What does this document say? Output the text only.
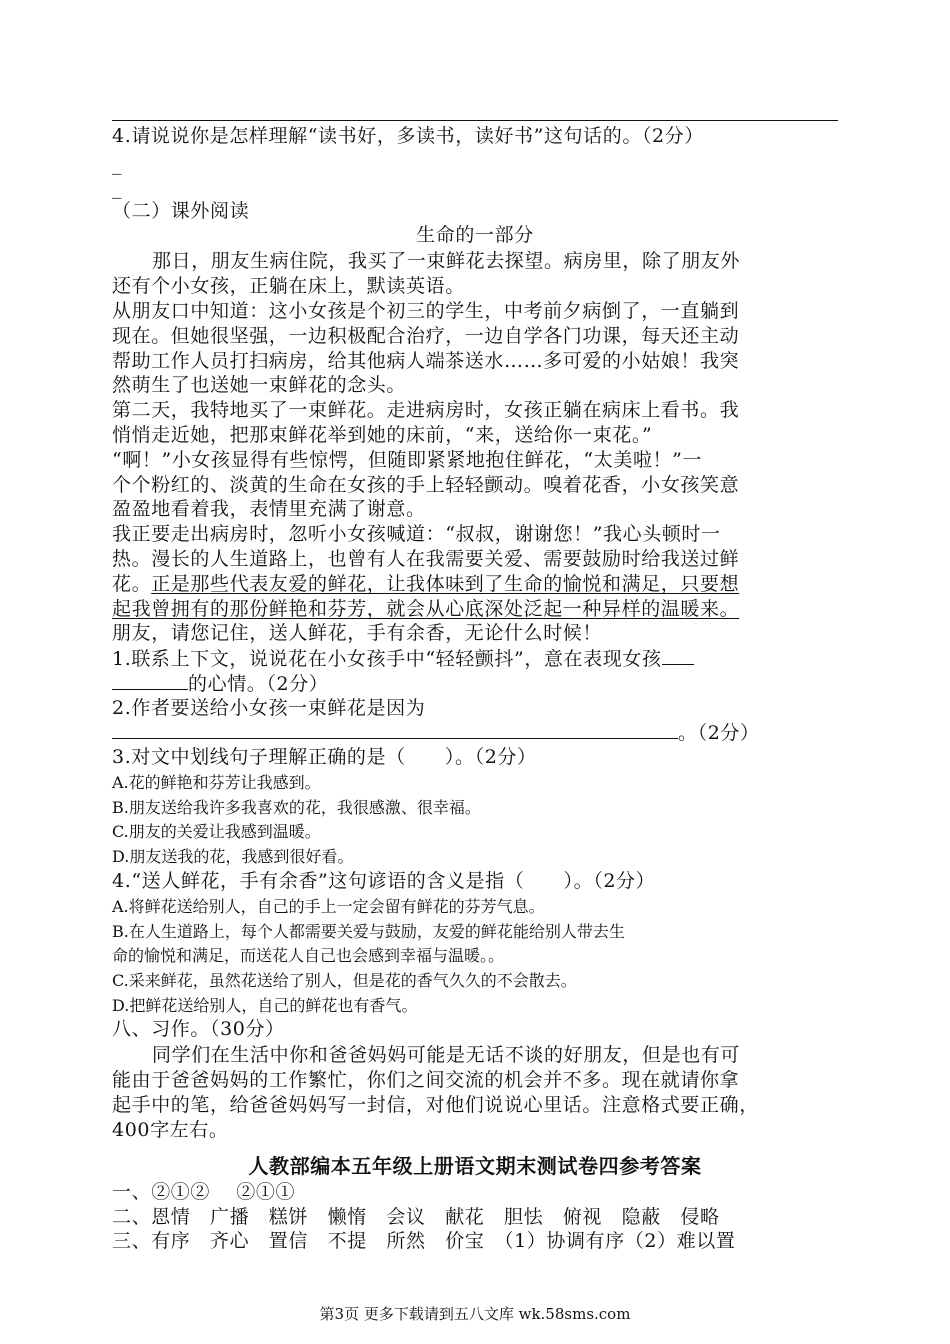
4.请说说你是怎样理解“读书好，多读书，读好书”这句话的。（2分）
_
_
（二）课外阅读
生命的一部分
那日，朋友生病住院，我买了一束鲜花去探望。病房里，除了朋友外
还有个小女孩，正躺在床上，默读英语。
从朋友口中知道：这小女孩是个初三的学生，中考前夕病倒了，一直躺到
现在。但她很坚强，一边积极配合治疗，一边自学各门功课，每天还主动
帮助工作人员打扫病房，给其他病人端茶送水……多可爱的小姑娘！我突
然萌生了也送她一束鲜花的念头。
第二天，我特地买了一束鲜花。走进病房时，女孩正躺在病床上看书。我
悄悄走近她，把那束鲜花举到她的床前，“来，送给你一束花。”
“啊！”小女孩显得有些惊愕，但随即紧紧地抱住鲜花，“太美啦！”一
个个粉红的、淡黄的生命在女孩的手上轻轻颤动。嗅着花香，小女孩笑意
盈盈地看着我，表情里充满了谢意。
我正要走出病房时，忽听小女孩喊道：“叔叔，谢谢您！”我心头顿时一
热。漫长的人生道路上，也曾有人在我需要关爱、需要鼓励时给我送过鲜
花。正是那些代表友爱的鲜花，让我体味到了生命的愉悦和满足，只要想
起我曾拥有的那份鲜艳和芬芳，就会从心底深处泛起一种异样的温暖来。
朋友，请您记住，送人鲜花，手有余香，无论什么时候！
1.联系上下文，说说花在小女孩手中“轻轻颤抖”，意在表现女孩
的心情。（2分）
2.作者要送给小女孩一束鲜花是因为
。（2分）
3.对文中划线句子理解正确的是（　　）。（2分）
A.花的鲜艳和芬芳让我感到。
B.朋友送给我许多我喜欢的花，我很感激、很幸福。
C.朋友的关爱让我感到温暖。
D.朋友送我的花，我感到很好看。
4.“送人鲜花，手有余香”这句谚语的含义是指（　　）。（2分）
A.将鲜花送给别人，自己的手上一定会留有鲜花的芬芳气息。
B.在人生道路上，每个人都需要关爱与鼓励，友爱的鲜花能给别人带去生
命的愉悦和满足，而送花人自己也会感到幸福与温暖。。
C.采来鲜花，虽然花送给了别人，但是花的香气久久的不会散去。
D.把鲜花送给别人，自己的鲜花也有香气。
八、习作。（30分）
同学们在生活中你和爸爸妈妈可能是无话不谈的好朋友，但是也有可
能由于爸爸妈妈的工作繁忙，你们之间交流的机会并不多。现在就请你拿
起手中的笔，给爸爸妈妈写一封信，对他们说说心里话。注意格式要正确，
400字左右。
人教部编本五年级上册语文期末测试卷四参考答案
一、②①②　 ②①①
二、恩情　广播　糕饼　懒惰　会议　献花　胆怯　俯视　隐蔽　侵略
三、有序　齐心　置信　不提　所然　价宝　（1）协调有序（2）难以置
第3页 更多下载请到五八文库 wk.58sms.com
